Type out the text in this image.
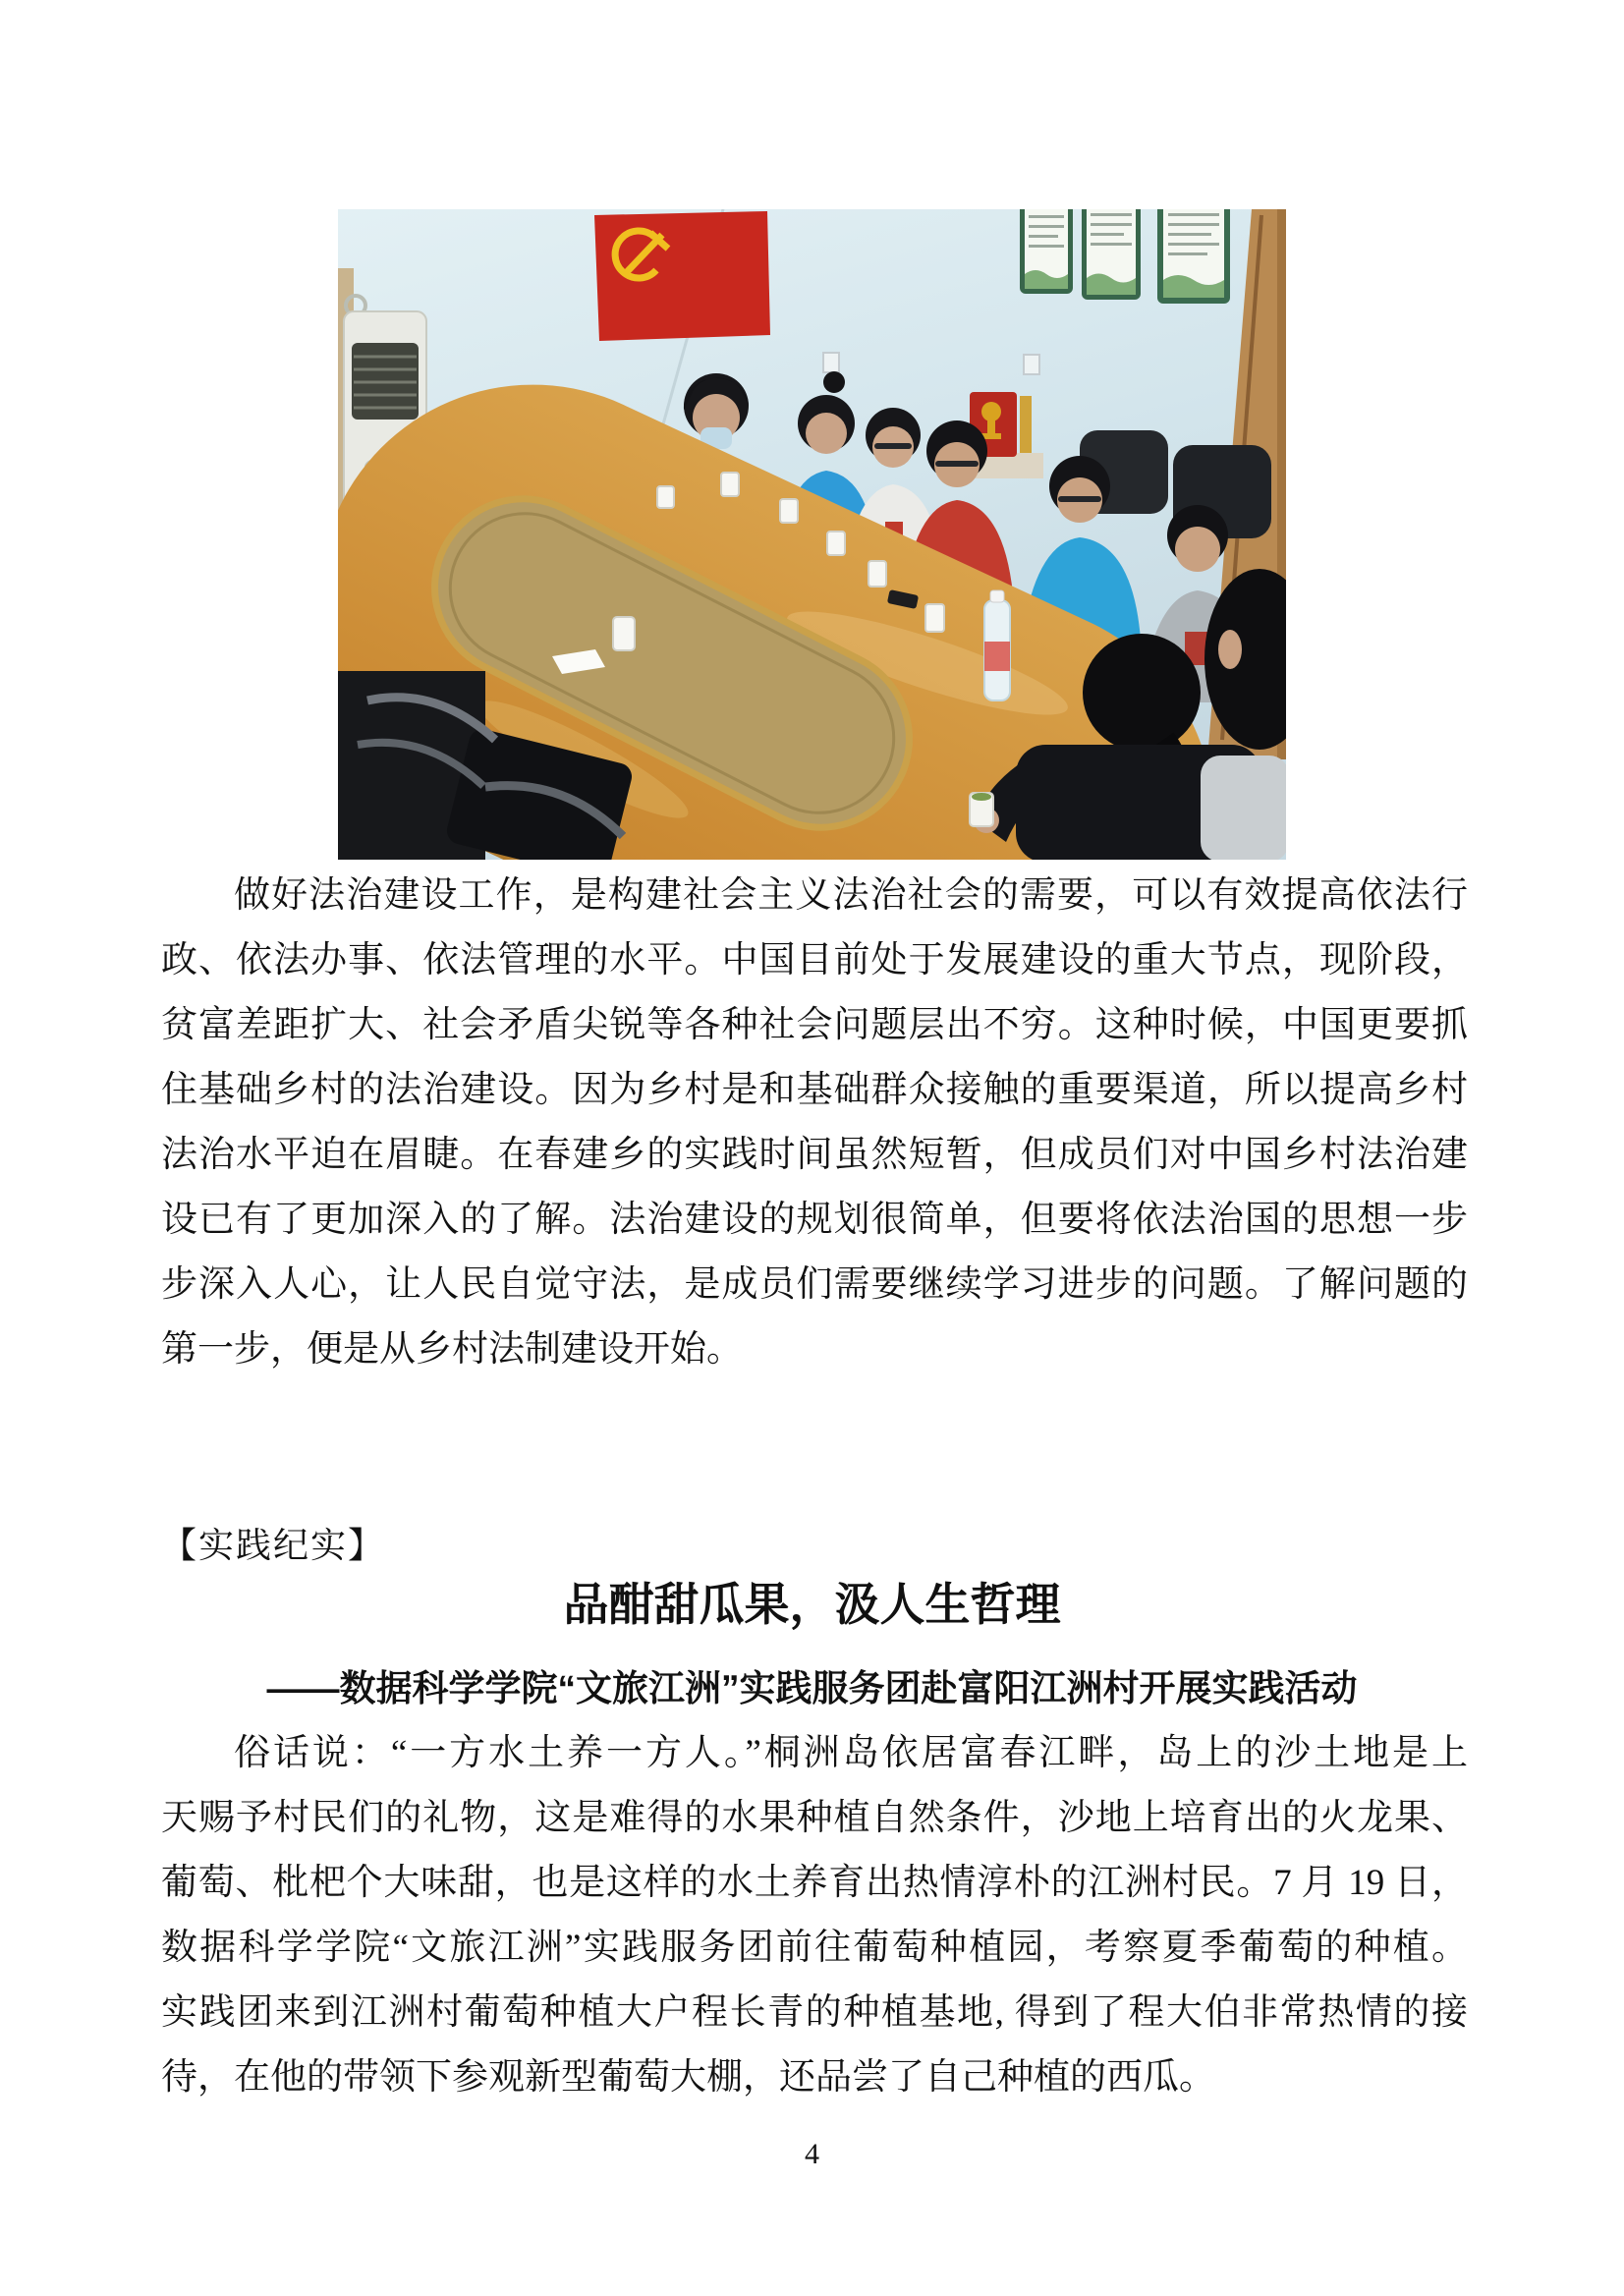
做好法治建设工作，是构建社会主义法治社会的需要，可以有效提高依法行
政、依法办事、依法管理的水平。中国目前处于发展建设的重大节点，现阶段，
贫富差距扩大、社会矛盾尖锐等各种社会问题层出不穷。这种时候，中国更要抓
住基础乡村的法治建设。因为乡村是和基础群众接触的重要渠道，所以提高乡村
法治水平迫在眉睫。在春建乡的实践时间虽然短暂，但成员们对中国乡村法治建
设已有了更加深入的了解。法治建设的规划很简单，但要将依法治国的思想一步
步深入人心，让人民自觉守法，是成员们需要继续学习进步的问题。了解问题的
第一步，便是从乡村法制建设开始。
【实践纪实】
品酣甜瓜果，汲人生哲理
——数据科学学院“文旅江洲”实践服务团赴富阳江洲村开展实践活动
俗话说：“一方水土养一方人。”桐洲岛依居富春江畔，岛上的沙土地是上
天赐予村民们的礼物，这是难得的水果种植自然条件，沙地上培育出的火龙果、
葡萄、枇杷个大味甜，也是这样的水土养育出热情淳朴的江洲村民。7 月 19 日，
数据科学学院“文旅江洲”实践服务团前往葡萄种植园，考察夏季葡萄的种植。
实践团来到江洲村葡萄种植大户程长青的种植基地, 得到了程大伯非常热情的接
待，在他的带领下参观新型葡萄大棚，还品尝了自己种植的西瓜。
4
